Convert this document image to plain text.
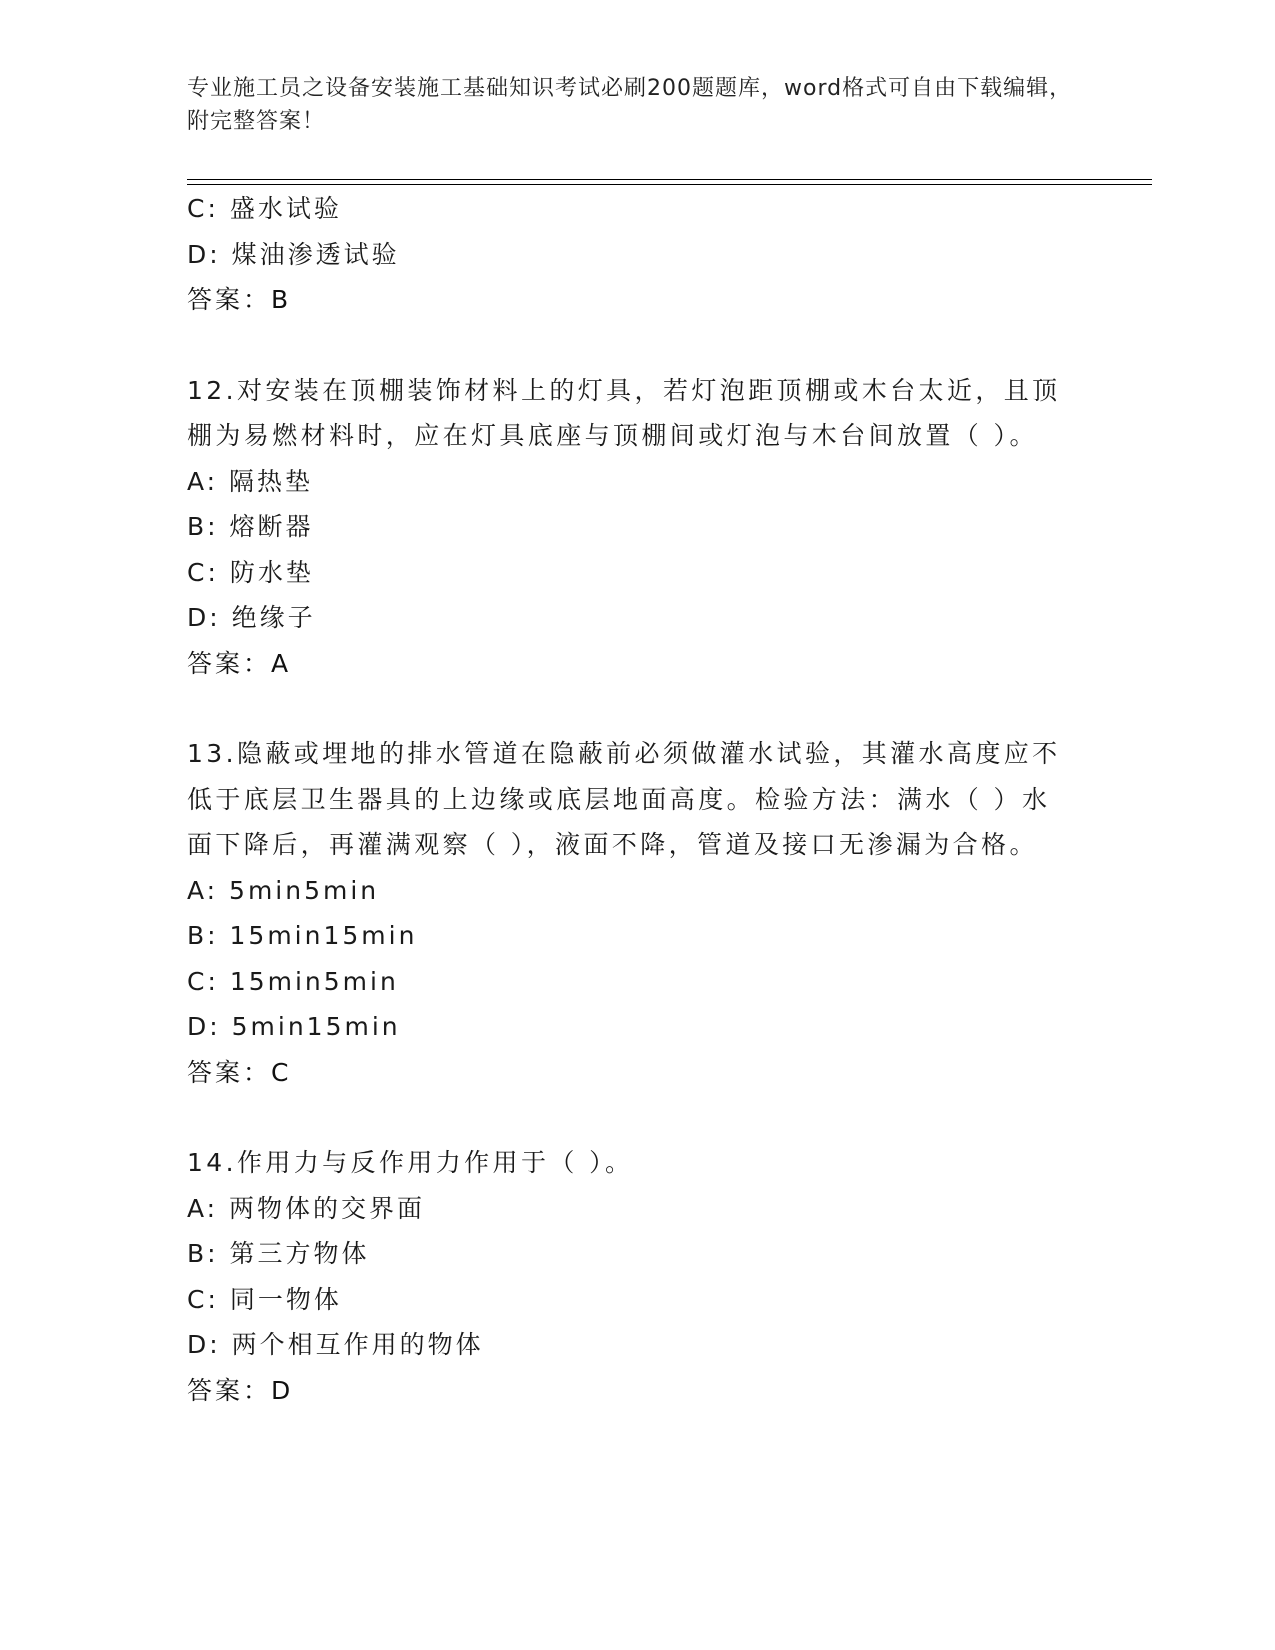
专业施工员之设备安装施工基础知识考试必刷200题题库，word格式可自由下载编辑，附完整答案！
C: 盛水试验
D: 煤油渗透试验
答案：B
12.对安装在顶棚装饰材料上的灯具，若灯泡距顶棚或木台太近，且顶
棚为易燃材料时，应在灯具底座与顶棚间或灯泡与木台间放置（ ）。
A: 隔热垫
B: 熔断器
C: 防水垫
D: 绝缘子
答案：A
13.隐蔽或埋地的排水管道在隐蔽前必须做灌水试验，其灌水高度应不
低于底层卫生器具的上边缘或底层地面高度。检验方法：满水（ ）水
面下降后，再灌满观察（ ），液面不降，管道及接口无渗漏为合格。
A: 5min5min
B: 15min15min
C: 15min5min
D: 5min15min
答案：C
14.作用力与反作用力作用于（ ）。
A: 两物体的交界面
B: 第三方物体
C: 同一物体
D: 两个相互作用的物体
答案：D
